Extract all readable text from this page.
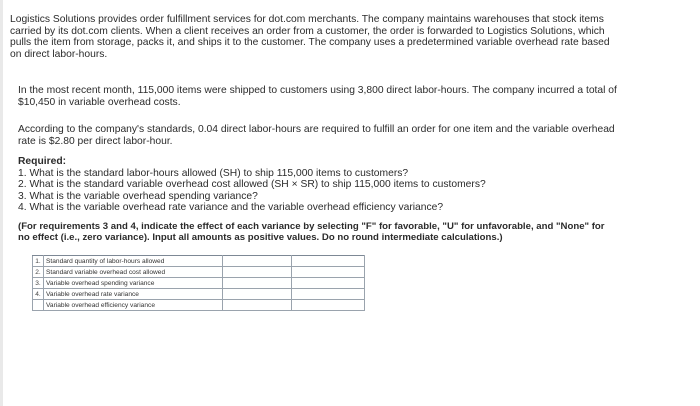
Logistics Solutions provides order fulfillment services for dot.com merchants. The company maintains warehouses that stock items

carried by its dot.com clients. When a client receives an order from a customer, the order is forwarded to Logistics Solutions, which

pulls the item from storage, packs it, and ships it to the customer. The company uses a predetermined variable overhead rate based

on direct labor-hours.

In the most recent month, 115,000 items were shipped to customers using 3,800 direct labor-hours. The company incurred a total of

$10,450 in variable overhead costs.

According to the company's standards, 0.04 direct labor-hours are required to fulfill an order for one item and the variable overhead

rate is $2.80 per direct labor-hour.

Required:

1. What is the standard labor-hours allowed (SH) to ship 115,000 items to customers?
2. What is the standard variable overhead cost allowed (SH × SR) to ship 115,000 items to customers?
3. What is the variable overhead spending variance?
4. What is the variable overhead rate variance and the variable overhead efficiency variance?

(For requirements 3 and 4, indicate the effect of each variance by selecting "F" for favorable, "U" for unfavorable, and "None" for

no effect (i.e., zero variance). Input all amounts as positive values. Do no round intermediate calculations.)

1.	Standard quantity of labor-hours allowed		
2.	Standard variable overhead cost allowed		
3.	Variable overhead spending variance		
4.	Variable overhead rate variance		
	Variable overhead efficiency variance		
